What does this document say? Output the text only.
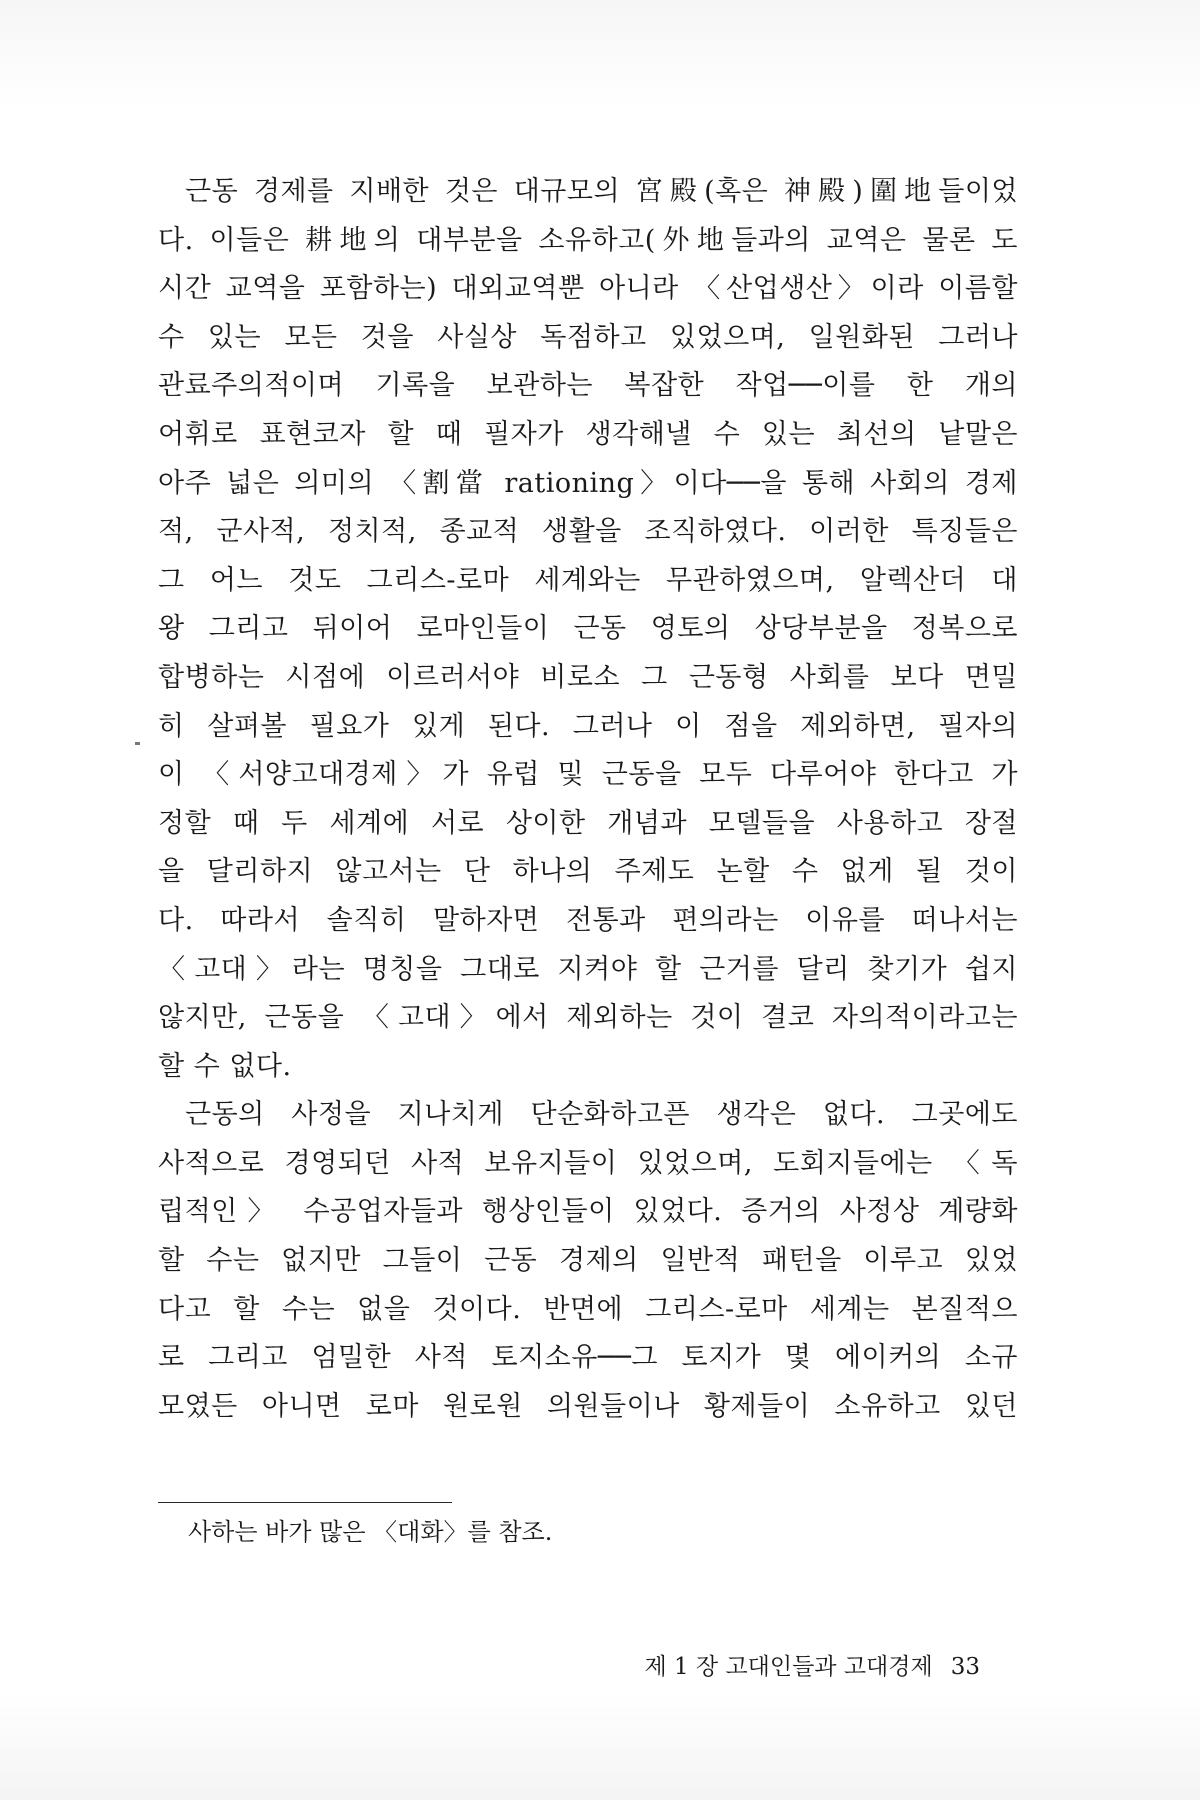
근동 경제를 지배한 것은 대규모의 宮殿(혹은 神殿)圍地들이었
다. 이들은 耕地의 대부분을 소유하고(外地들과의 교역은 물론 도
시간 교역을 포함하는) 대외교역뿐 아니라 〈산업생산〉이라 이름할
수 있는 모든 것을 사실상 독점하고 있었으며, 일원화된 그러나
관료주의적이며 기록을 보관하는 복잡한 작업──이를 한 개의
어휘로 표현코자 할 때 필자가 생각해낼 수 있는 최선의 낱말은
아주 넓은 의미의 〈割當 rationing〉이다──을 통해 사회의 경제
적, 군사적, 정치적, 종교적 생활을 조직하였다. 이러한 특징들은
그 어느 것도 그리스-로마 세계와는 무관하였으며, 알렉산더 대
왕 그리고 뒤이어 로마인들이 근동 영토의 상당부분을 정복으로
합병하는 시점에 이르러서야 비로소 그 근동형 사회를 보다 면밀
히 살펴볼 필요가 있게 된다. 그러나 이 점을 제외하면, 필자의
이 〈서양고대경제〉가 유럽 및 근동을 모두 다루어야 한다고 가
정할 때 두 세계에 서로 상이한 개념과 모델들을 사용하고 장절
을 달리하지 않고서는 단 하나의 주제도 논할 수 없게 될 것이
다. 따라서 솔직히 말하자면 전통과 편의라는 이유를 떠나서는
〈고대〉라는 명칭을 그대로 지켜야 할 근거를 달리 찾기가 쉽지
않지만, 근동을 〈고대〉에서 제외하는 것이 결코 자의적이라고는
할 수 없다.
근동의 사정을 지나치게 단순화하고픈 생각은 없다. 그곳에도
사적으로 경영되던 사적 보유지들이 있었으며, 도회지들에는 〈독
립적인〉 수공업자들과 행상인들이 있었다. 증거의 사정상 계량화
할 수는 없지만 그들이 근동 경제의 일반적 패턴을 이루고 있었
다고 할 수는 없을 것이다. 반면에 그리스-로마 세계는 본질적으
로 그리고 엄밀한 사적 토지소유──그 토지가 몇 에이커의 소규
모였든 아니면 로마 원로원 의원들이나 황제들이 소유하고 있던
사하는 바가 많은 〈대화〉를 참조.
제 1 장 고대인들과 고대경제 33
